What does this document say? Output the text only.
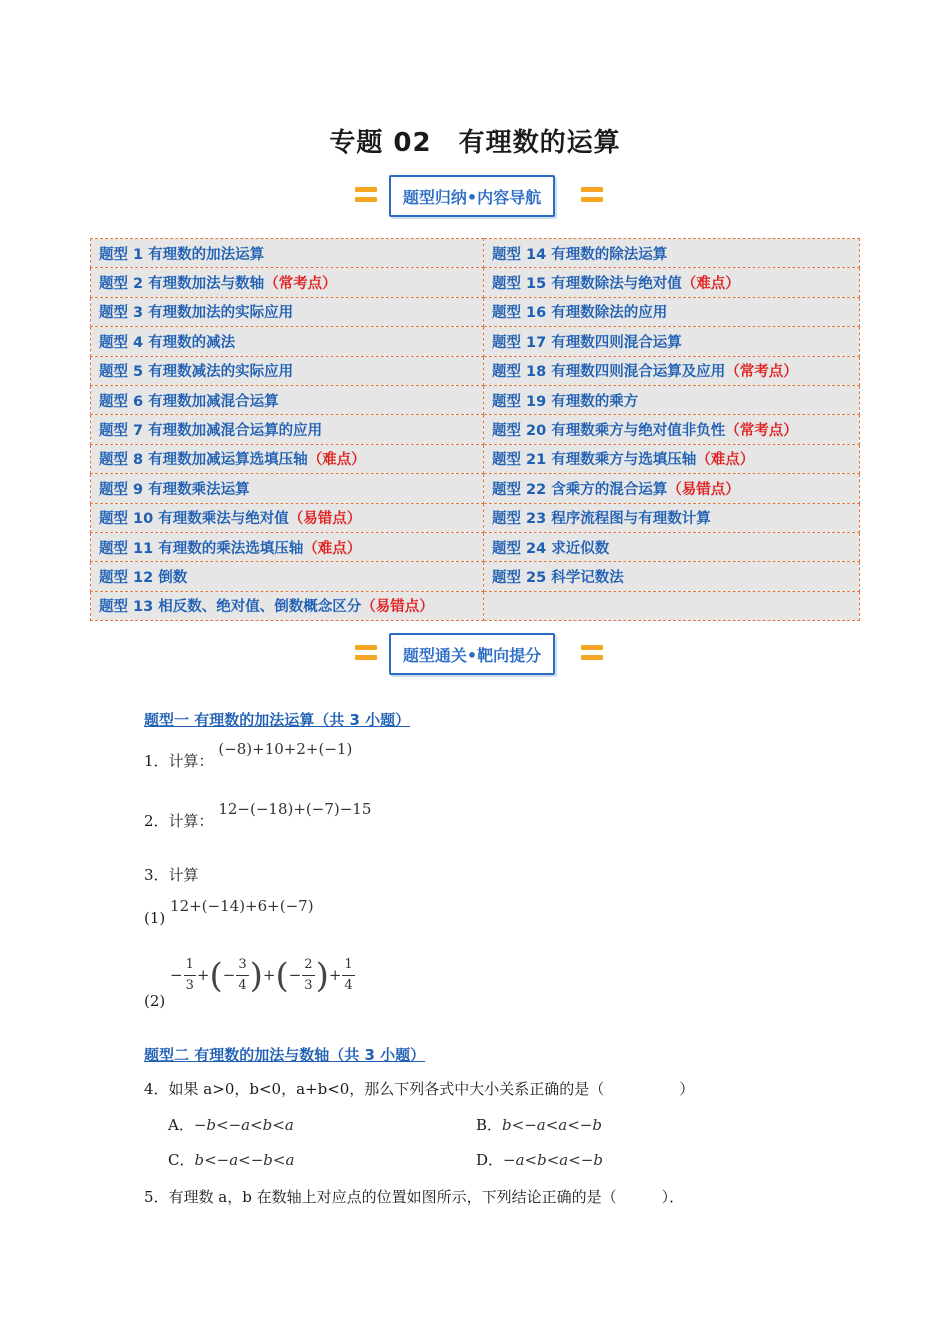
专题 02　有理数的运算
题型归纳•内容导航
题型 1 有理数的加法运算	题型 14 有理数的除法运算
题型 2 有理数加法与数轴（常考点）	题型 15 有理数除法与绝对值（难点）
题型 3 有理数加法的实际应用	题型 16 有理数除法的应用
题型 4 有理数的减法	题型 17 有理数四则混合运算
题型 5 有理数减法的实际应用	题型 18 有理数四则混合运算及应用（常考点）
题型 6 有理数加减混合运算	题型 19 有理数的乘方
题型 7 有理数加减混合运算的应用	题型 20 有理数乘方与绝对值非负性（常考点）
题型 8 有理数加减运算选填压轴（难点）	题型 21 有理数乘方与选填压轴（难点）
题型 9 有理数乘法运算	题型 22 含乘方的混合运算（易错点）
题型 10 有理数乘法与绝对值（易错点）	题型 23 程序流程图与有理数计算
题型 11 有理数的乘法选填压轴（难点）	题型 24 求近似数
题型 12 倒数	题型 25 科学记数法
题型 13 相反数、绝对值、倒数概念区分（易错点）	
题型通关•靶向提分
题型一 有理数的加法运算（共 3 小题）
1．计算： (−8)+10+2+(−1)
2．计算： 12−(−18)+(−7)−15
3．计算
(1) 12+(−14)+6+(−7)
$(2) - \frac{1}{3}$ +(− $\frac{3}{4}$ )+(− $\frac{2}{3}$ )+ $\frac{1}{4}$
题型二 有理数的加法与数轴（共 3 小题）
4．如果 a>0，b<0，a+b<0，那么下列各式中大小关系正确的是（　　　　　）
A．−b<−a<b<a	B．b<−a<a<−b
C．b<−a<−b<a	D．−a<b<a<−b
5．有理数 a，b 在数轴上对应点的位置如图所示，下列结论正确的是（　　　）．
